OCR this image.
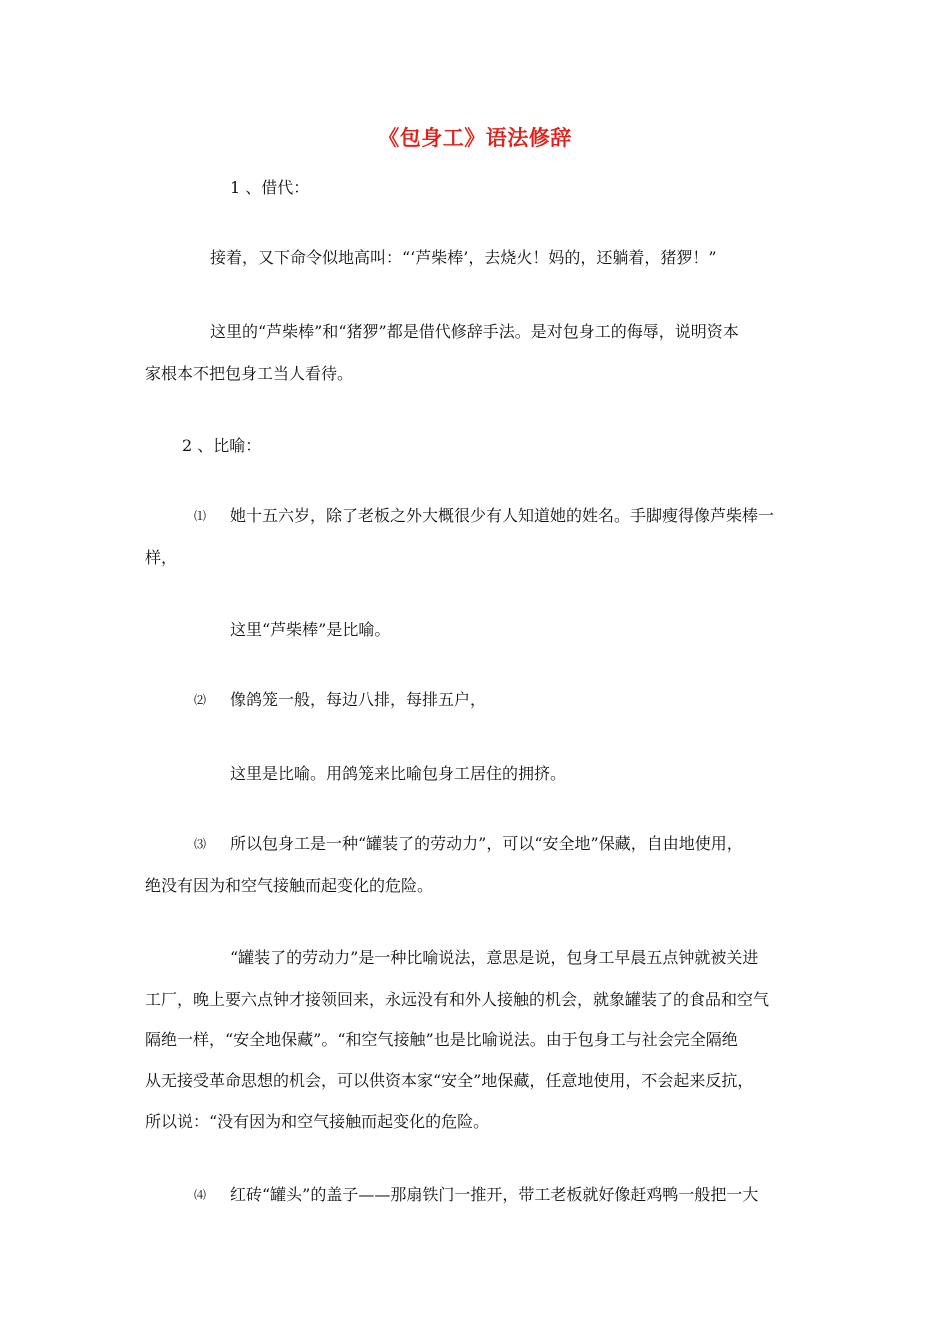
《包身工》语法修辞
1 、借代：
接着，又下命令似地高叫：“‘芦柴棒’，去烧火！妈的，还躺着，猪猡！”
这里的“芦柴棒”和“猪猡”都是借代修辞手法。是对包身工的侮辱，说明资本
家根本不把包身工当人看待。
2 、比喻：
⑴ 她十五六岁，除了老板之外大概很少有人知道她的姓名。手脚瘦得像芦柴棒一
样，
这里“芦柴棒”是比喻。
⑵ 像鸽笼一般，每边八排，每排五户，
这里是比喻。用鸽笼来比喻包身工居住的拥挤。
⑶ 所以包身工是一种“罐装了的劳动力”，可以“安全地”保藏，自由地使用，
绝没有因为和空气接触而起变化的危险。
“罐装了的劳动力”是一种比喻说法，意思是说，包身工早晨五点钟就被关进
工厂，晚上要六点钟才接领回来，永远没有和外人接触的机会，就象罐装了的食品和空气
隔绝一样，“安全地保藏”。“和空气接触”也是比喻说法。由于包身工与社会完全隔绝
从无接受革命思想的机会，可以供资本家“安全”地保藏，任意地使用，不会起来反抗，
所以说：“没有因为和空气接触而起变化的危险。
⑷ 红砖“罐头”的盖子——那扇铁门一推开，带工老板就好像赶鸡鸭一般把一大
